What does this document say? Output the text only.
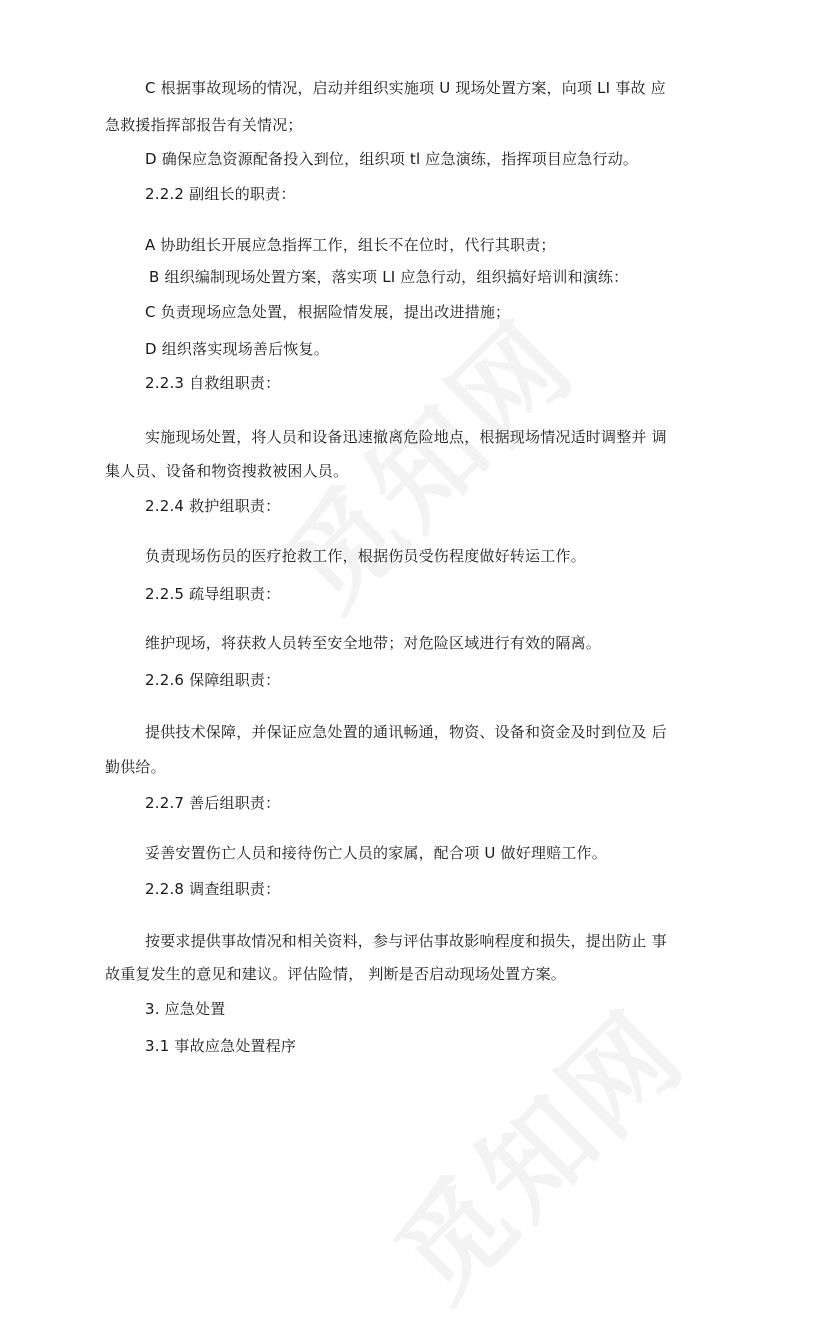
C 根据事故现场的情况，启动并组织实施项 U 现场处置方案，向项 LI 事故 应
急救援指挥部报告有关情况；
D 确保应急资源配备投入到位，组织项 tl 应急演练，指挥项目应急行动。
2.2.2 副组长的职责：
A 协助组长开展应急指挥工作，组长不在位时，代行其职责；
B 组织编制现场处置方案，落实项 LI 应急行动，组织搞好培训和演练：
C 负责现场应急处置，根据险情发展，提出改进措施；
D 组织落实现场善后恢复。
2.2.3 自救组职责：
实施现场处置，将人员和设备迅速撤离危险地点，根据现场情况适时调整并 调
集人员、设备和物资搜救被困人员。
2.2.4 救护组职责：
负责现场伤员的医疗抢救工作，根据伤员受伤程度做好转运工作。
2.2.5 疏导组职责：
维护现场，将获救人员转至安全地带；对危险区域进行有效的隔离。
2.2.6 保障组职责：
提供技术保障，并保证应急处置的通讯畅通，物资、设备和资金及时到位及 后
勤供给。
2.2.7 善后组职责：
妥善安置伤亡人员和接待伤亡人员的家属，配合项 U 做好理赔工作。
2.2.8 调查组职责：
按要求提供事故情况和相关资料，参与评估事故影响程度和损失，提出防止 事
故重复发生的意见和建议。评估险情， 判断是否启动现场处置方案。
3. 应急处置
3.1 事故应急处置程序
